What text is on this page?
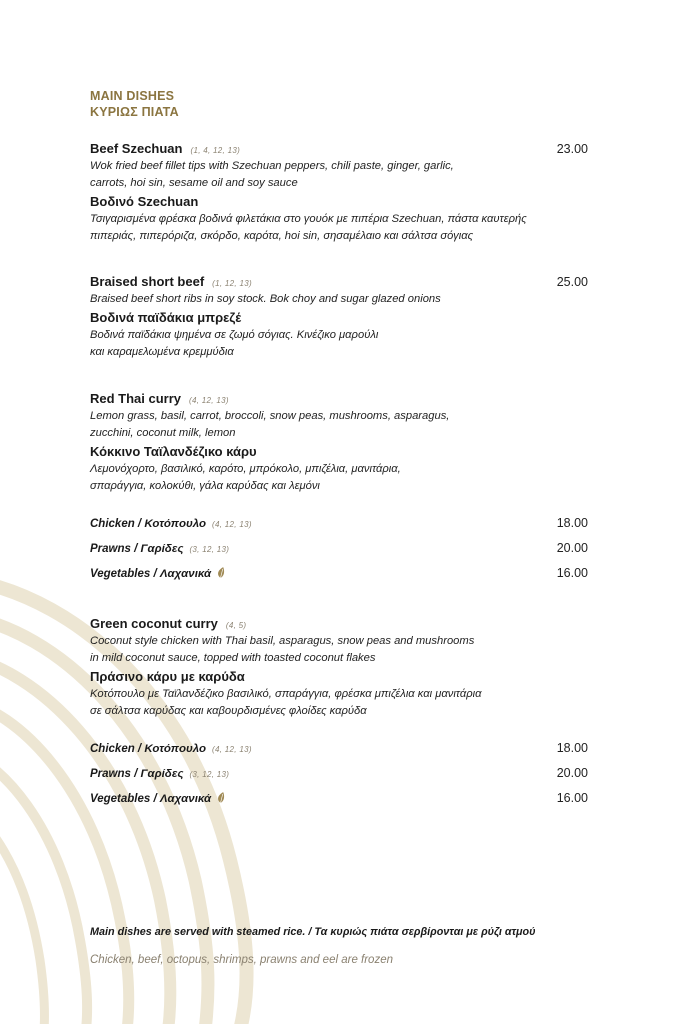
MAIN DISHES
ΚΥΡΙΩΣ ΠΙΑΤΑ
Beef Szechuan (1, 4, 12, 13)	23.00
Wok fried beef fillet tips with Szechuan peppers, chili paste, ginger, garlic,
carrots, hoi sin, sesame oil and soy sauce
Βοδινό Szechuan
Τσιγαρισμένα φρέσκα βοδινά φιλετάκια στο γουόκ με πιπέρια Szechuan, πάστα καυτερής
πιπεριάς, πιπερόριζα, σκόρδο, καρότα, hoi sin, σησαμέλαιο και σάλτσα σόγιας
Braised short beef (1, 12, 13)	25.00
Braised beef short ribs in soy stock. Bok choy and sugar glazed onions
Βοδινά παϊδάκια μπρεζέ
Βοδινά παϊδάκια ψημένα σε ζωμό σόγιας. Κινέζικο μαρούλι
και καραμελωμένα κρεμμύδια
Red Thai curry (4, 12, 13)
Lemon grass, basil, carrot, broccoli, snow peas, mushrooms, asparagus,
zucchini, coconut milk, lemon
Κόκκινο Ταϊλανδέζικο κάρυ
Λεμονόχορτο, βασιλικό, καρότο, μπρόκολο, μπιζέλια, μανιτάρια,
σπαράγγια, κολοκύθι, γάλα καρύδας και λεμόνι
Chicken / Κοτόπουλο (4, 12, 13)	18.00
Prawns / Γαρίδες (3, 12, 13)	20.00
Vegetables / Λαχανικά	16.00
Green coconut curry (4, 5)
Coconut style chicken with Thai basil, asparagus, snow peas and mushrooms
in mild coconut sauce, topped with toasted coconut flakes
Πράσινο κάρυ με καρύδα
Κοτόπουλο με Ταϊλανδέζικο βασιλικό, σπαράγγια, φρέσκα μπιζέλια και μανιτάρια
σε σάλτσα καρύδας και καβουρδισμένες φλοίδες καρύδα
Chicken / Κοτόπουλο (4, 12, 13)	18.00
Prawns / Γαρίδες (3, 12, 13)	20.00
Vegetables / Λαχανικά	16.00
Main dishes are served with steamed rice. / Τα κυριώς πιάτα σερβίρονται με ρύζι ατμού
Chicken, beef, octopus, shrimps, prawns and eel are frozen
